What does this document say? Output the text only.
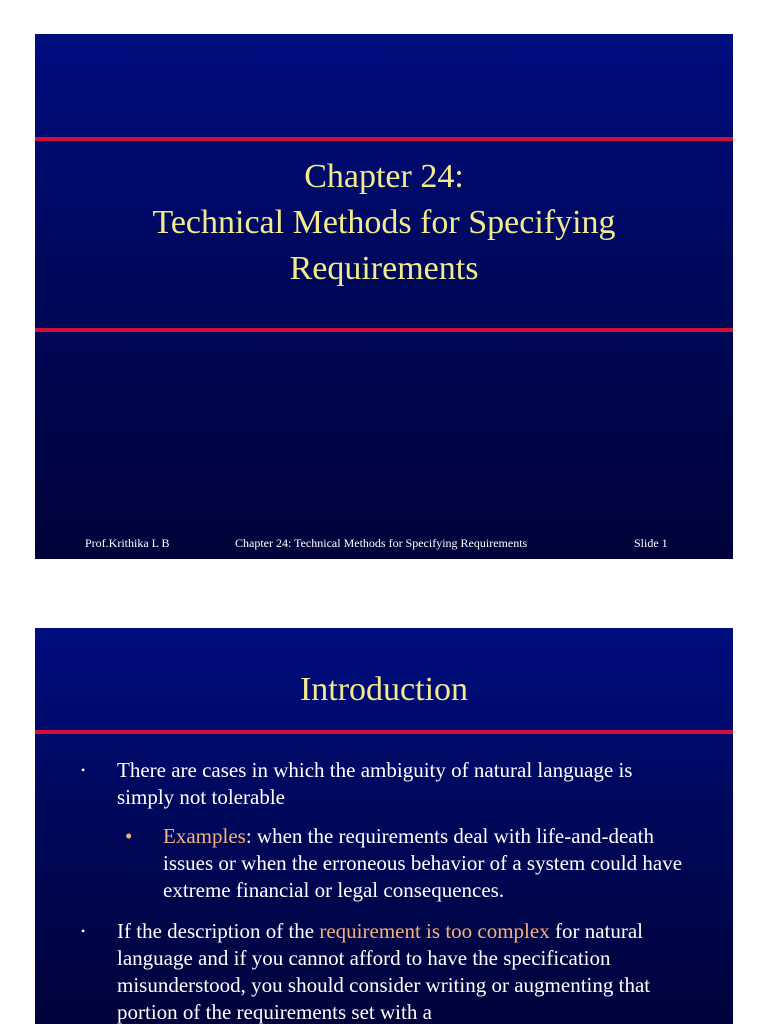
Chapter 24:
Technical Methods for Specifying
Requirements
Prof.Krithika L B	Chapter 24: Technical Methods for Specifying Requirements	Slide 1
Introduction
• There are cases in which the ambiguity of natural language is simply not tolerable
• Examples: when the requirements deal with life-and-death issues or when the erroneous behavior of a system could have extreme financial or legal consequences.
• If the description of the requirement is too complex for natural language and if you cannot afford to have the specification misunderstood, you should consider writing or augmenting that portion of the requirements set with a
